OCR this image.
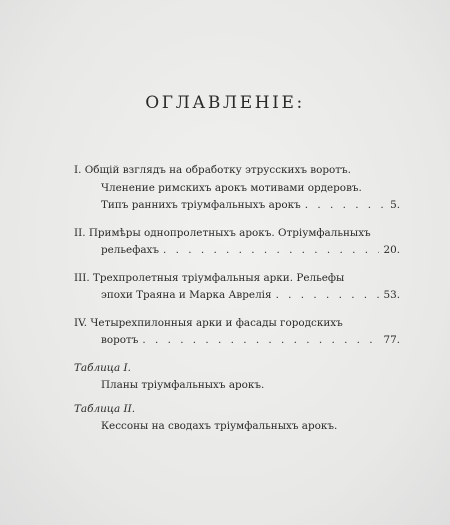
ОГЛАВЛЕНІЕ:
I. Общій взглядъ на обработку этрусскихъ воротъ.
Членение римскихъ арокъ мотивами ордеровъ.
Типъ раннихъ тріумфальныхъ арокъ . . .	5.
II. Примѣры однопролетныхъ арокъ. Отріумфальныхъ
рельефахъ . . .	20.
III. Трехпролетныя тріумфальныя арки. Рельефы
эпохи Траяна и Марка Аврелія . . .	53.
IV. Четырехпилонныя арки и фасады городскихъ
воротъ . . .	77.
Таблица I.
Планы тріумфальныхъ арокъ.
Таблица II.
Кессоны на сводахъ тріумфальныхъ арокъ.
